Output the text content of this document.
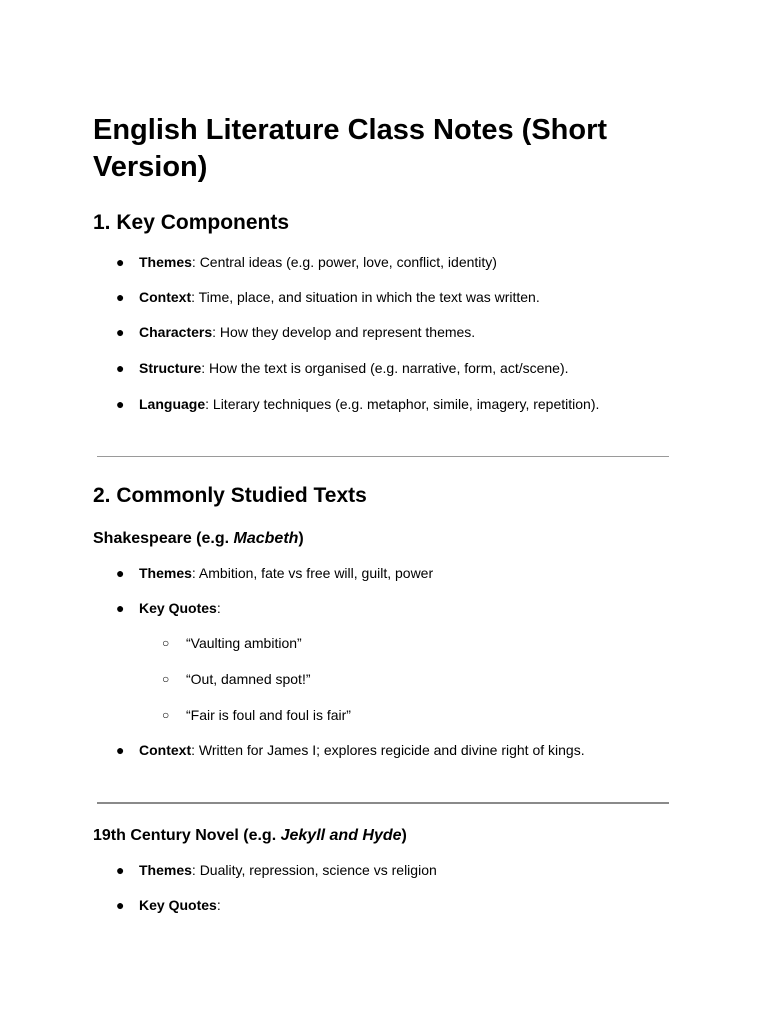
English Literature Class Notes (Short Version)
1. Key Components
● Themes: Central ideas (e.g. power, love, conflict, identity)
● Context: Time, place, and situation in which the text was written.
● Characters: How they develop and represent themes.
● Structure: How the text is organised (e.g. narrative, form, act/scene).
● Language: Literary techniques (e.g. metaphor, simile, imagery, repetition).
2. Commonly Studied Texts
Shakespeare (e.g. Macbeth)
● Themes: Ambition, fate vs free will, guilt, power
● Key Quotes:
○ “Vaulting ambition”
○ “Out, damned spot!”
○ “Fair is foul and foul is fair”
● Context: Written for James I; explores regicide and divine right of kings.
19th Century Novel (e.g. Jekyll and Hyde)
● Themes: Duality, repression, science vs religion
● Key Quotes:
